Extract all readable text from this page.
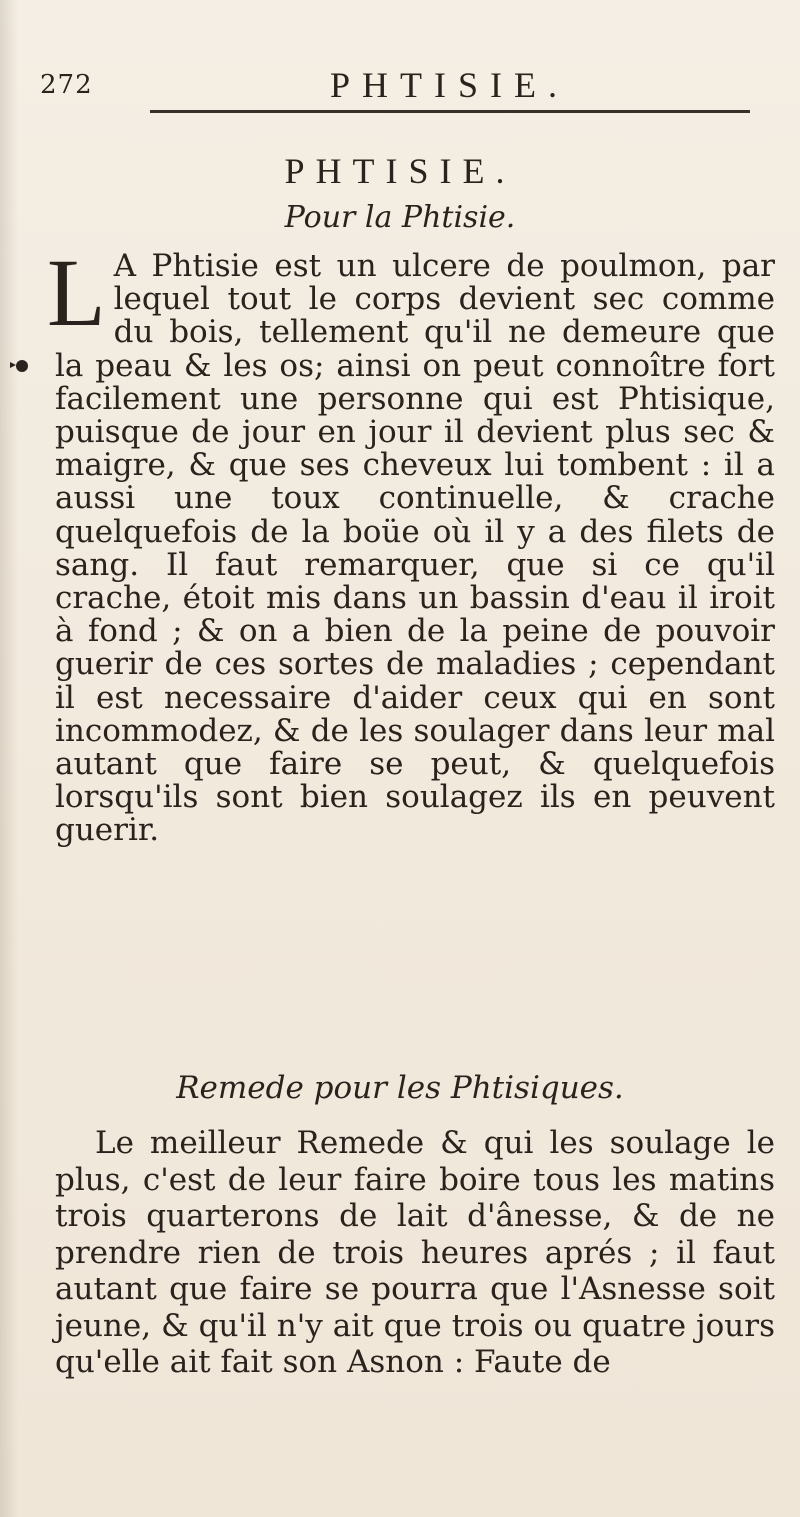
272	PHTISIE.
PHTISIE.
Pour la Phtisie.
L A Phtisie est un ulcere de poulmon, par lequel tout le corps devient sec comme du bois, tellement qu'il ne demeure que la peau & les os; ainsi on peut connoître fort facilement une personne qui est Phtisique, puisque de jour en jour il devient plus sec & maigre, & que ses cheveux lui tombent : il a aussi une toux continuelle, & crache quelquefois de la boüe où il y a des filets de sang. Il faut remarquer, que si ce qu'il crache, étoit mis dans un bassin d'eau il iroit à fond ; & on a bien de la peine de pouvoir guerir de ces sortes de maladies ; cependant il est necessaire d'aider ceux qui en sont incommodez, & de les soulager dans leur mal autant que faire se peut, & quelquefois lorsqu'ils sont bien soulagez ils en peuvent guerir.

Remede pour les Phtisiques.

Le meilleur Remede & qui les soulage le plus, c'est de leur faire boire tous les matins trois quarterons de lait d'ânesse, & de ne prendre rien de trois heures aprés ; il faut autant que faire se pourra que l'Asnesse soit jeune, & qu'il n'y ait que trois ou quatre jours qu'elle ait fait son Asnon : Faute de
